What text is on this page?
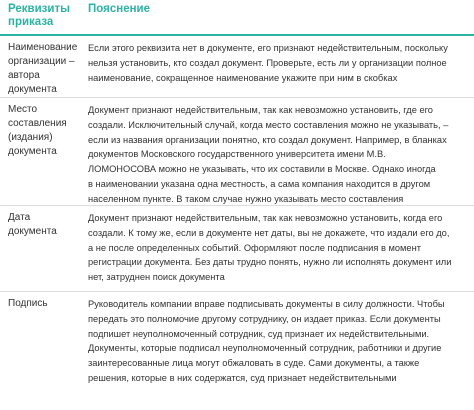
Реквизиты
приказа
Пояснение
Наименование
организации –
автора
документа
Если этого реквизита нет в документе, его признают недействительным, поскольку
нельзя установить, кто создал документ. Проверьте, есть ли у организации полное
наименование, сокращенное наименование укажите при ним в скобках
Место
составления
(издания)
документа
Документ признают недействительным, так как невозможно установить, где его
создали. Исключительный случай, когда место составления можно не указывать, –
если из названия организации понятно, кто создал документ. Например, в бланках
документов Московского государственного университета имени М.В.
ЛОМОНОСОВА можно не указывать, что их составили в Москве. Однако иногда
в наименовании указана одна местность, а сама компания находится в другом
населенном пункте. В таком случае нужно указывать место составления
Дата
документа
Документ признают недействительным, так как невозможно установить, когда его
создали. К тому же, если в документе нет даты, вы не докажете, что издали его до,
а не после определенных событий. Оформляют после подписания в момент
регистрации документа. Без даты трудно понять, нужно ли исполнять документ или
нет, затруднен поиск документа
Подпись	Руководитель компании вправе подписывать документы в силу должности. Чтобы
передать это полномочие другому сотруднику, он издает приказ. Если документы
подпишет неуполномоченный сотрудник, суд признает их недействительными.
Документы, которые подписал неуполномоченный сотрудник, работники и другие
заинтересованные лица могут обжаловать в суде. Сами документы, а также
решения, которые в них содержатся, суд признает недействительными
